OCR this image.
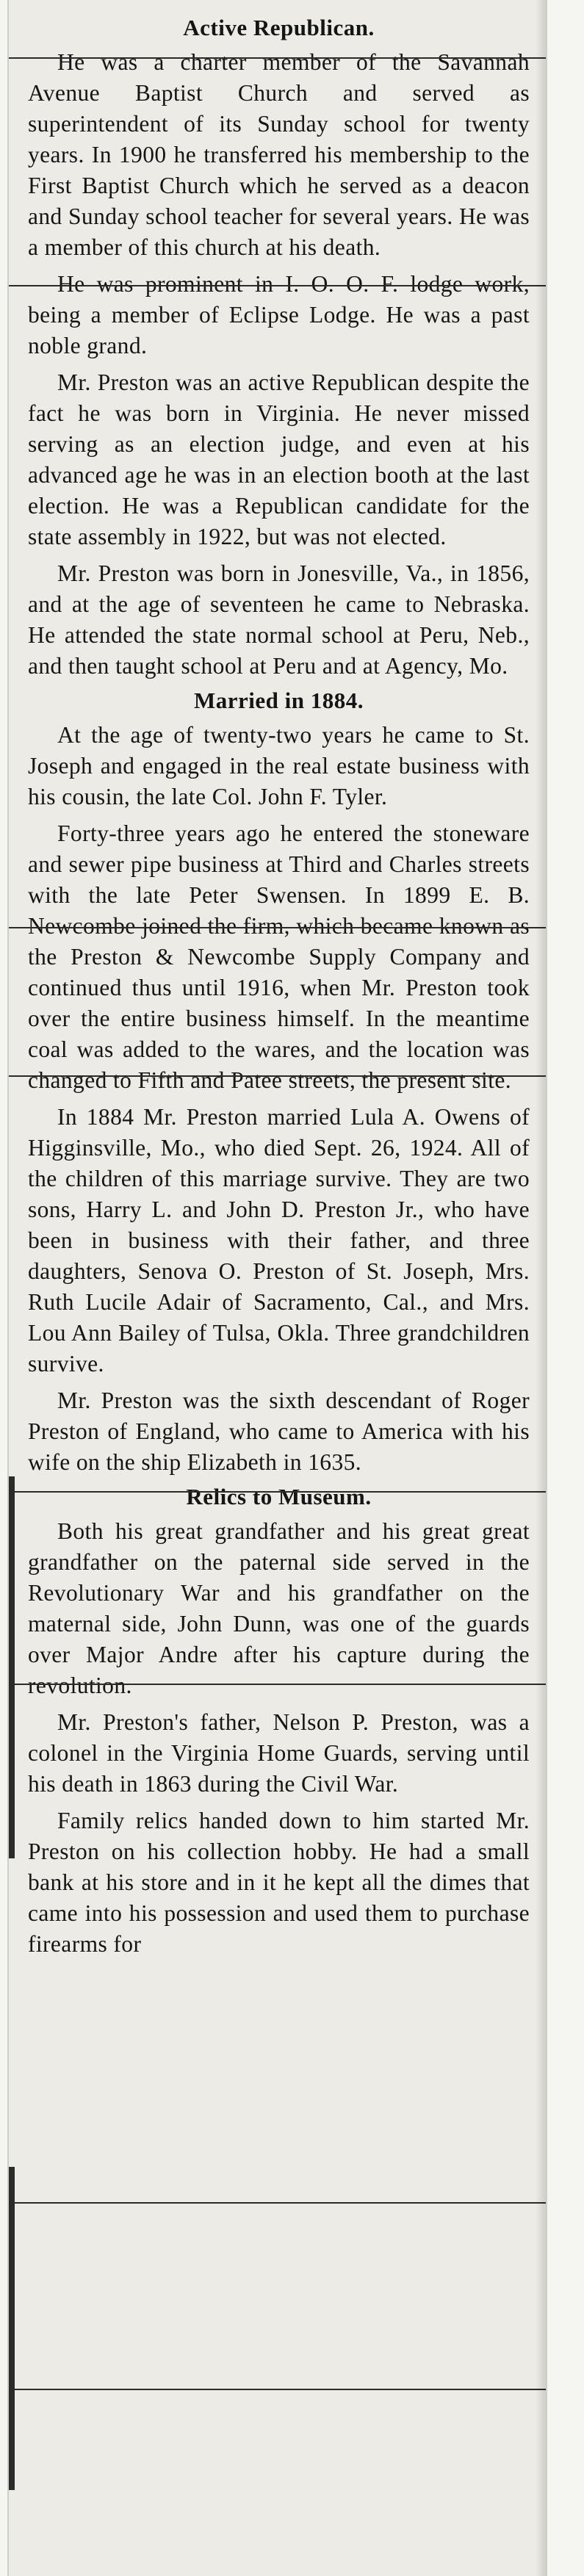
Active Republican.

He was a charter member of the Savannah Avenue Baptist Church and served as superintendent of its Sunday school for twenty years. In 1900 he transferred his membership to the First Baptist Church which he served as a deacon and Sunday school teacher for several years. He was a member of this church at his death.

He was prominent in I. O. O. F. lodge work, being a member of Eclipse Lodge. He was a past noble grand.

Mr. Preston was an active Republican despite the fact he was born in Virginia. He never missed serving as an election judge, and even at his advanced age he was in an election booth at the last election. He was a Republican candidate for the state assembly in 1922, but was not elected.

Mr. Preston was born in Jonesville, Va., in 1856, and at the age of seventeen he came to Nebraska. He attended the state normal school at Peru, Neb., and then taught school at Peru and at Agency, Mo.

Married in 1884.

At the age of twenty-two years he came to St. Joseph and engaged in the real estate business with his cousin, the late Col. John F. Tyler.

Forty-three years ago he entered the stoneware and sewer pipe business at Third and Charles streets with the late Peter Swensen. In 1899 E. B. Newcombe joined the firm, which became known as the Preston & Newcombe Supply Company and continued thus until 1916, when Mr. Preston took over the entire business himself. In the meantime coal was added to the wares, and the location was changed to Fifth and Patee streets, the present site.

In 1884 Mr. Preston married Lula A. Owens of Higginsville, Mo., who died Sept. 26, 1924. All of the children of this marriage survive. They are two sons, Harry L. and John D. Preston Jr., who have been in business with their father, and three daughters, Senova O. Preston of St. Joseph, Mrs. Ruth Lucile Adair of Sacramento, Cal., and Mrs. Lou Ann Bailey of Tulsa, Okla. Three grandchildren survive.

Mr. Preston was the sixth descendant of Roger Preston of England, who came to America with his wife on the ship Elizabeth in 1635.

Relics to Museum.

Both his great grandfather and his great great grandfather on the paternal side served in the Revolutionary War and his grandfather on the maternal side, John Dunn, was one of the guards over Major Andre after his capture during the revolution.

Mr. Preston's father, Nelson P. Preston, was a colonel in the Virginia Home Guards, serving until his death in 1863 during the Civil War.

Family relics handed down to him started Mr. Preston on his collection hobby. He had a small bank at his store and in it he kept all the dimes that came into his possession and used them to purchase firearms for
